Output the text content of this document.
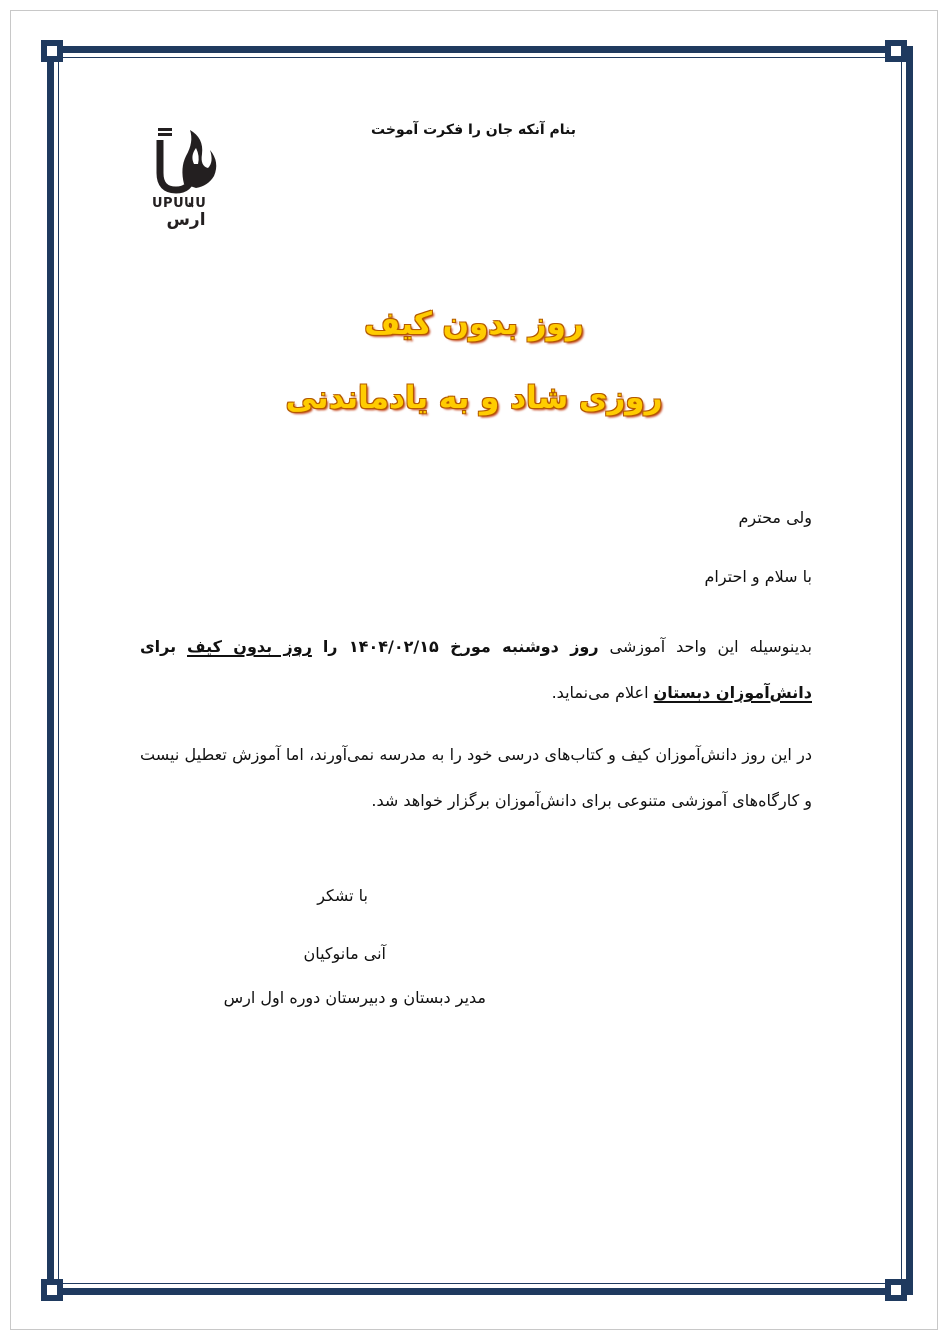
بنام آنکه جان را فکرت آموخت
UPUԱՍ
ارس
روز بدون کیف
روزی شاد و به یادماندنی
ولی محترم
با سلام و احترام
بدینوسیله این واحد آموزشی روز دوشنبه مورخ ۱۴۰۴/۰۲/۱۵ را روز بدون کیف برای دانش‌آموزان دبستان اعلام می‌نماید.
در این روز دانش‌آموزان کیف و کتاب‌های درسی خود را به مدرسه نمی‌آورند، اما آموزش تعطیل نیست و کارگاه‌های آموزشی متنوعی برای دانش‌آموزان برگزار خواهد شد.
با تشکر
آنی مانوکیان
مدیر دبستان و دبیرستان دوره اول ارس
